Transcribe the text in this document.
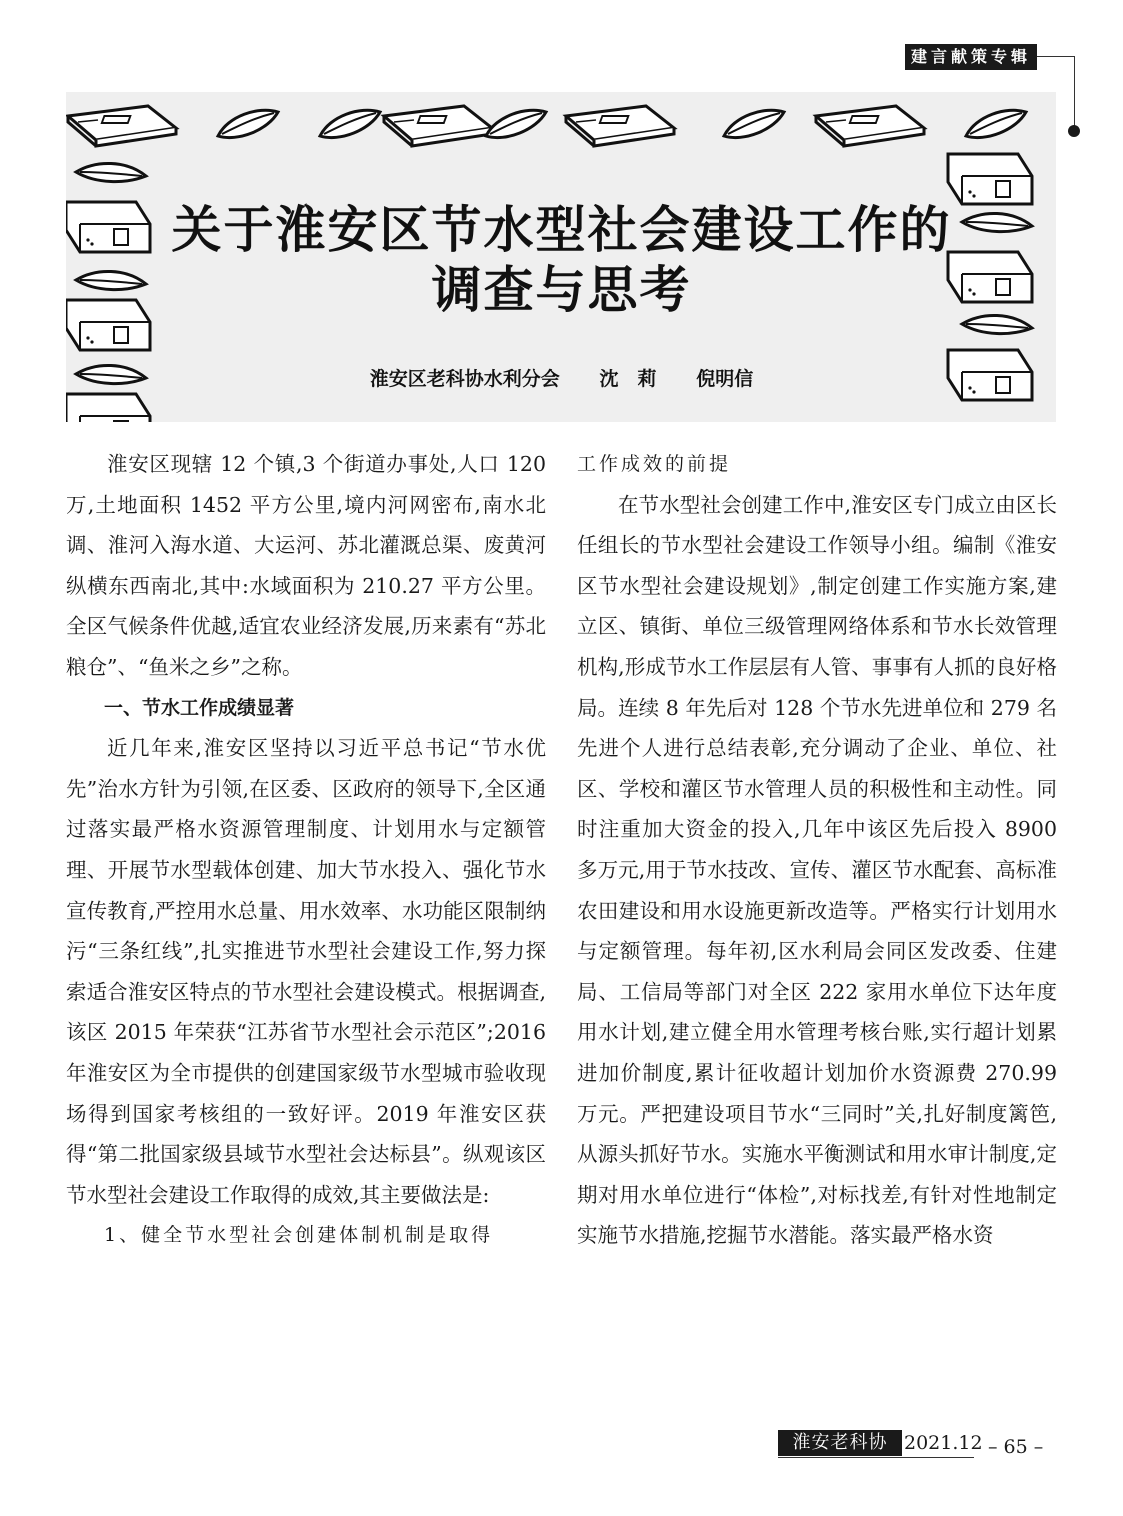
建言献策专辑
关于淮安区节水型社会建设工作的
调查与思考
淮安区老科协水利分会 沈　莉 倪明信

淮安区现辖 12 个镇,3 个街道办事处,人口 120 万,土地面积 1452 平方公里,境内河网密布,南水北调、淮河入海水道、大运河、苏北灌溉总渠、废黄河纵横东西南北,其中:水域面积为 210.27 平方公里。全区气候条件优越,适宜农业经济发展,历来素有“苏北粮仓”、“鱼米之乡”之称。

一、节水工作成绩显著

近几年来,淮安区坚持以习近平总书记“节水优先”治水方针为引领,在区委、区政府的领导下,全区通过落实最严格水资源管理制度、计划用水与定额管理、开展节水型载体创建、加大节水投入、强化节水宣传教育,严控用水总量、用水效率、水功能区限制纳污“三条红线”,扎实推进节水型社会建设工作,努力探索适合淮安区特点的节水型社会建设模式。根据调查,该区 2015 年荣获“江苏省节水型社会示范区”;2016 年淮安区为全市提供的创建国家级节水型城市验收现场得到国家考核组的一致好评。2019 年淮安区获得“第二批国家级县域节水型社会达标县”。纵观该区节水型社会建设工作取得的成效,其主要做法是:

1、健全节水型社会创建体制机制是取得

工作成效的前提

在节水型社会创建工作中,淮安区专门成立由区长任组长的节水型社会建设工作领导小组。编制《淮安区节水型社会建设规划》,制定创建工作实施方案,建立区、镇街、单位三级管理网络体系和节水长效管理机构,形成节水工作层层有人管、事事有人抓的良好格局。连续 8 年先后对 128 个节水先进单位和 279 名先进个人进行总结表彰,充分调动了企业、单位、社区、学校和灌区节水管理人员的积极性和主动性。同时注重加大资金的投入,几年中该区先后投入 8900 多万元,用于节水技改、宣传、灌区节水配套、高标准农田建设和用水设施更新改造等。严格实行计划用水与定额管理。每年初,区水利局会同区发改委、住建局、工信局等部门对全区 222 家用水单位下达年度用水计划,建立健全用水管理考核台账,实行超计划累进加价制度,累计征收超计划加价水资源费 270.99 万元。严把建设项目节水“三同时”关,扎好制度篱笆,从源头抓好节水。实施水平衡测试和用水审计制度,定期对用水单位进行“体检”,对标找差,有针对性地制定实施节水措施,挖掘节水潜能。落实最严格水资

淮安老科协 2021.12 – 65 –
